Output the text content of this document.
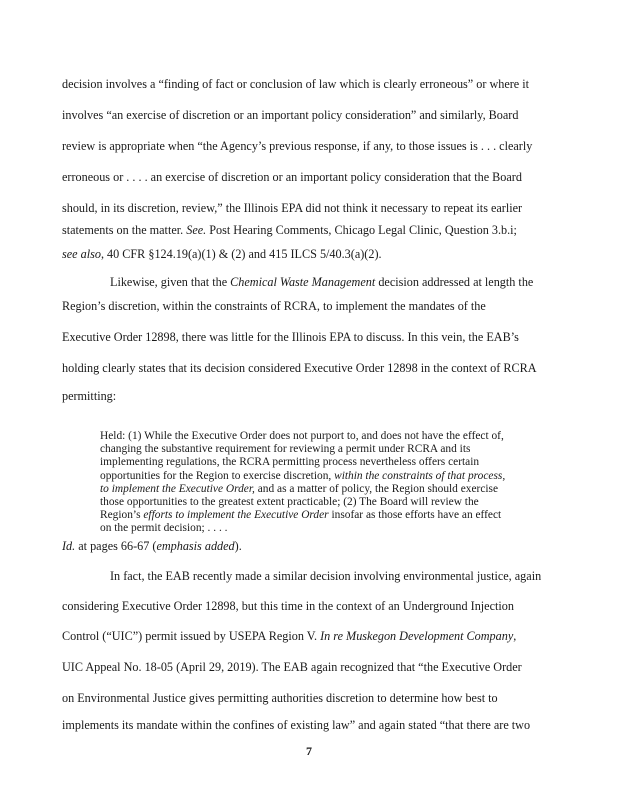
decision involves a “finding of fact or conclusion of law which is clearly erroneous” or where it
involves “an exercise of discretion or an important policy consideration” and similarly, Board
review is appropriate when “the Agency’s previous response, if any, to those issues is . . . clearly
erroneous or . . . . an exercise of discretion or an important policy consideration that the Board
should, in its discretion, review,” the Illinois EPA did not think it necessary to repeat its earlier
statements on the matter. See. Post Hearing Comments, Chicago Legal Clinic, Question 3.b.i;
see also, 40 CFR §124.19(a)(1) & (2) and 415 ILCS 5/40.3(a)(2).
Likewise, given that the Chemical Waste Management decision addressed at length the
Region’s discretion, within the constraints of RCRA, to implement the mandates of the
Executive Order 12898, there was little for the Illinois EPA to discuss. In this vein, the EAB’s
holding clearly states that its decision considered Executive Order 12898 in the context of RCRA
permitting:
Held: (1) While the Executive Order does not purport to, and does not have the effect of,
changing the substantive requirement for reviewing a permit under RCRA and its
implementing regulations, the RCRA permitting process nevertheless offers certain
opportunities for the Region to exercise discretion, within the constraints of that process,
to implement the Executive Order, and as a matter of policy, the Region should exercise
those opportunities to the greatest extent practicable; (2) The Board will review the
Region’s efforts to implement the Executive Order insofar as those efforts have an effect
on the permit decision; . . . .
Id. at pages 66-67 (emphasis added).
In fact, the EAB recently made a similar decision involving environmental justice, again
considering Executive Order 12898, but this time in the context of an Underground Injection
Control (“UIC”) permit issued by USEPA Region V. In re Muskegon Development Company,
UIC Appeal No. 18-05 (April 29, 2019). The EAB again recognized that “the Executive Order
on Environmental Justice gives permitting authorities discretion to determine how best to
implements its mandate within the confines of existing law” and again stated “that there are two
7
